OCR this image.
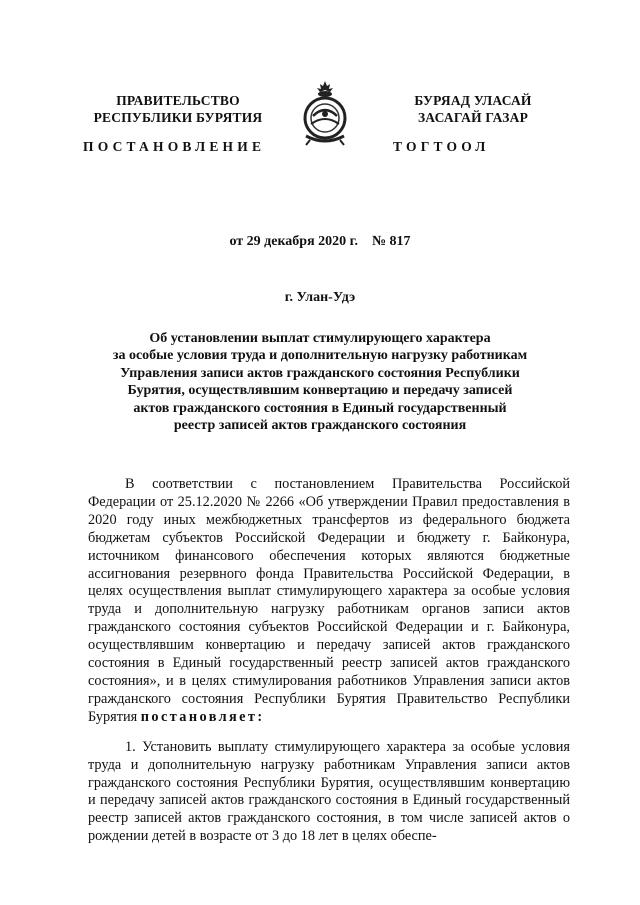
ПРАВИТЕЛЬСТВО
РЕСПУБЛИКИ БУРЯТИЯ
БУРЯАД УЛАСАЙ
ЗАСАГАЙ ГАЗАР
ПОСТАНОВЛЕНИЕ	ТОГТООЛ
от 29 декабря 2020 г. № 817
г. Улан-Удэ
Об установлении выплат стимулирующего характера
за особые условия труда и дополнительную нагрузку работникам
Управления записи актов гражданского состояния Республики
Бурятия, осуществлявшим конвертацию и передачу записей
актов гражданского состояния в Единый государственный
реестр записей актов гражданского состояния

В соответствии с постановлением Правительства Российской Федерации от 25.12.2020 № 2266 «Об утверждении Правил предоставления в 2020 году иных межбюджетных трансфертов из федерального бюджета бюджетам субъектов Российской Федерации и бюджету г. Байконура, источником финансового обеспечения которых являются бюджетные ассигнования резервного фонда Правительства Российской Федерации, в целях осуществления выплат стимулирующего характера за особые условия труда и дополнительную нагрузку работникам органов записи актов гражданского состояния субъектов Российской Федерации и г. Байконура, осуществлявшим конвертацию и передачу записей актов гражданского состояния в Единый государственный реестр записей актов гражданского состояния», и в целях стимулирования работников Управления записи актов гражданского состояния Республики Бурятия Правительство Республики Бурятия постановляет:

1. Установить выплату стимулирующего характера за особые условия труда и дополнительную нагрузку работникам Управления записи актов гражданского состояния Республики Бурятия, осуществлявшим конвертацию и передачу записей актов гражданского состояния в Единый государственный реестр записей актов гражданского состояния, в том числе записей актов о рождении детей в возрасте от 3 до 18 лет в целях обеспе-
